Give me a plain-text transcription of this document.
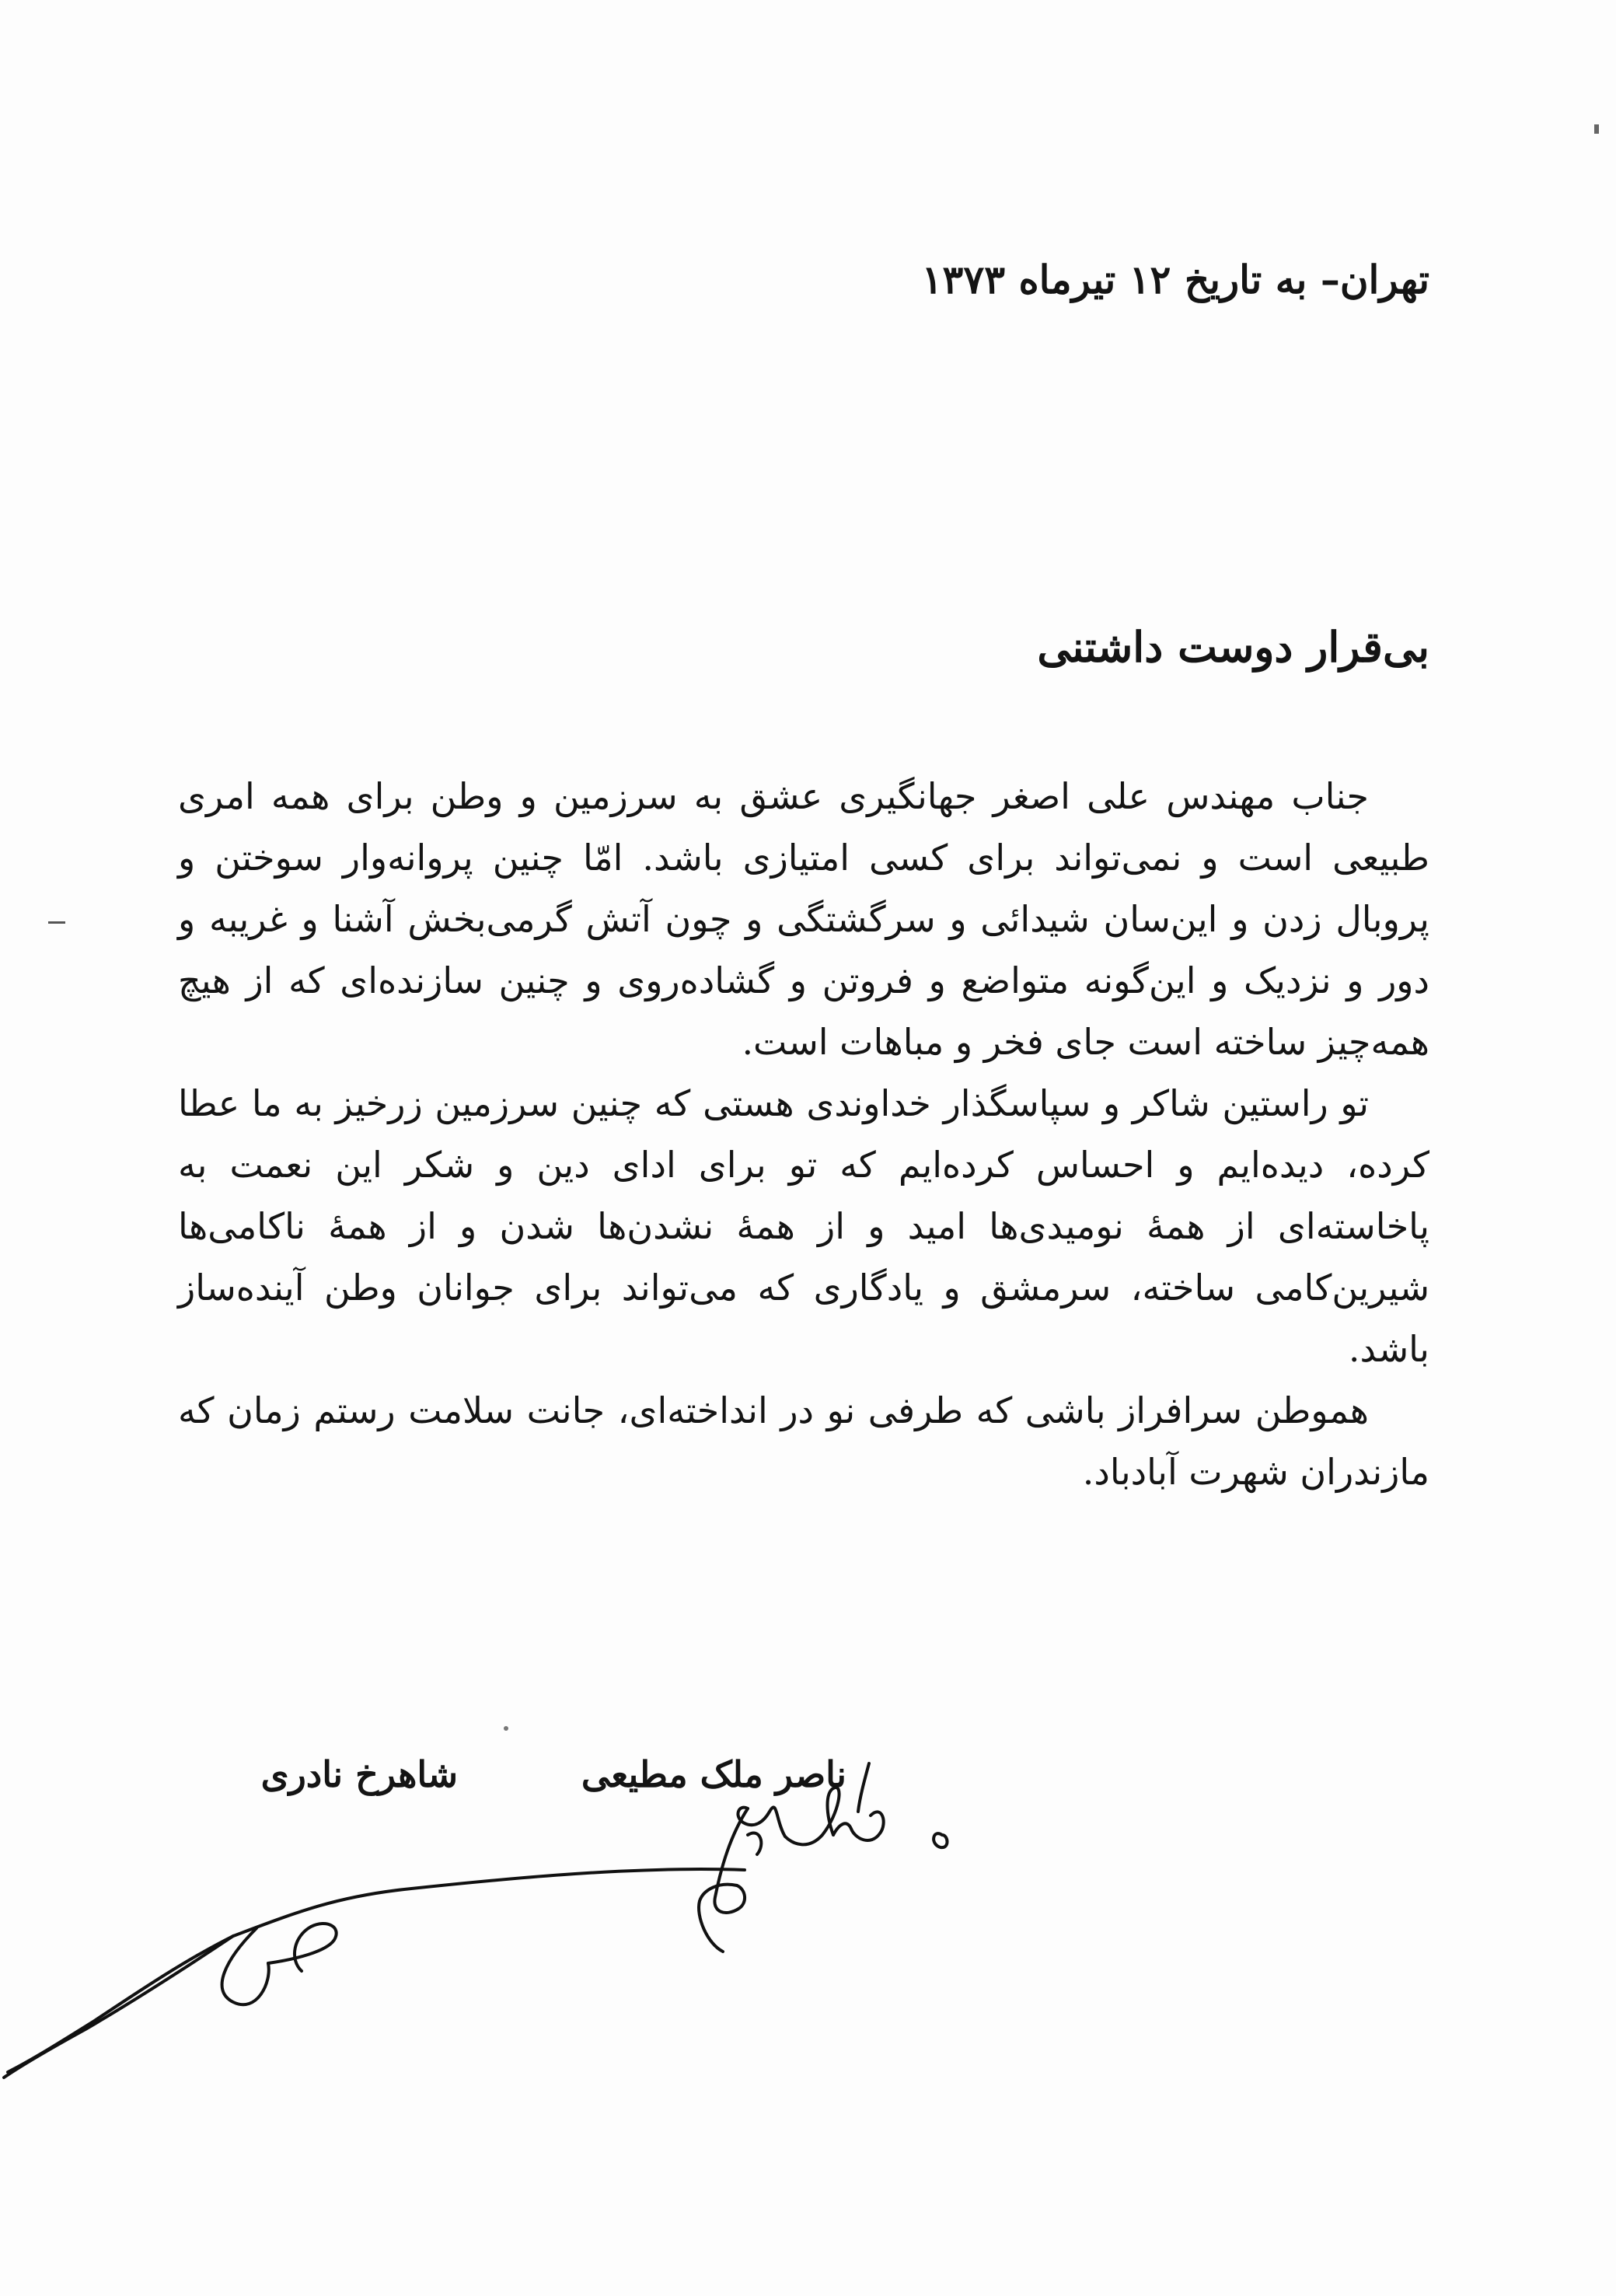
تهران– به تاریخ ۱۲ تیرماه ۱۳۷۳
بی‌قرار دوست داشتنی

جناب مهندس علی اصغر جهانگیری عشق به سرزمین و وطن برای همه امری طبیعی است و نمی‌تواند برای کسی امتیازی باشد. امّا چنین پروانه‌وار سوختن و پروبال زدن و این‌سان شیدائی و سرگشتگی و چون آتش گرمی‌بخش آشنا و غریبه و دور و نزدیک و این‌گونه متواضع و فروتن و گشاده‌روی و چنین سازنده‌ای که از هیچ همه‌چیز ساخته است جای فخر و مباهات است.

تو راستین شاکر و سپاسگذار خداوندی هستی که چنین سرزمین زرخیز به ما عطا کرده، دیده‌ایم و احساس کرده‌ایم که تو برای ادای دین و شکر این نعمت به پاخاسته‌ای از همهٔ نومیدی‌ها امید و از همهٔ نشدن‌ها شدن و از همهٔ ناکامی‌ها شیرین‌کامی ساخته، سرمشق و یادگاری که می‌تواند برای جوانان وطن آینده‌ساز باشد.

هموطن سرافراز باشی که طرفی نو در انداخته‌ای، جانت سلامت رستم زمان که مازندران شهرت آبادباد.

ناصر ملک مطیعی
شاهرخ نادری
